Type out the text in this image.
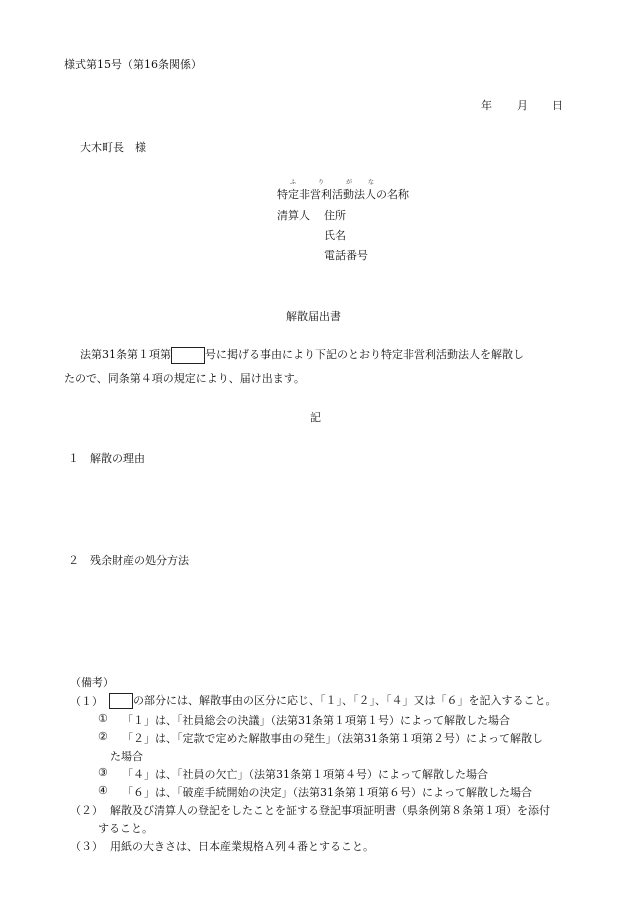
様式第15号（第16条関係）
年 月 日
大木町長　様
ふ	り	が	な
特定非営利活動法人の名称
清算人 住所
氏名
電話番号
解散届出書
法第31条第１項第	号に掲げる事由により下記のとおり特定非営利活動法人を解散し
たので、同条第４項の規定により、届け出ます。
記
１　解散の理由
２　残余財産の処分方法
（備考）
（１）	の部分には、解散事由の区分に応じ、「１」、「２」、「４」又は「６」を記入すること。
① 「１」は、「社員総会の決議」（法第31条第１項第１号）によって解散した場合
② 「２」は、「定款で定めた解散事由の発生」（法第31条第１項第２号）によって解散し
た場合
③ 「４」は、「社員の欠亡」（法第31条第１項第４号）によって解散した場合
④ 「６」は、「破産手続開始の決定」（法第31条第１項第６号）によって解散した場合
（２） 解散及び清算人の登記をしたことを証する登記事項証明書（県条例第８条第１項）を添付
すること。
（３） 用紙の大きさは、日本産業規格Ａ列４番とすること。
